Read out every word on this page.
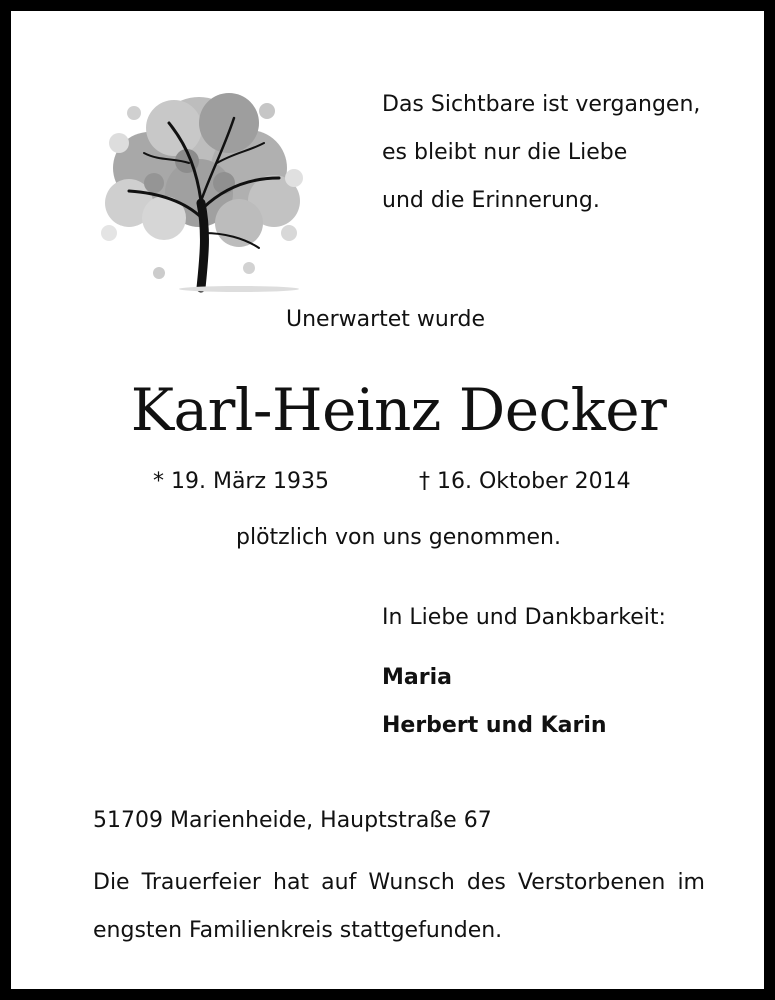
Das Sichtbare ist vergangen,
es bleibt nur die Liebe
und die Erinnerung.
Unerwartet wurde
Karl-Heinz Decker
* 19. März 1935	† 16. Oktober 2014
plötzlich von uns genommen.
In Liebe und Dankbarkeit:
Maria
Herbert und Karin
51709 Marienheide, Hauptstraße 67
Die Trauerfeier hat auf Wunsch des Verstorbenen im
engsten Familienkreis stattgefunden.
